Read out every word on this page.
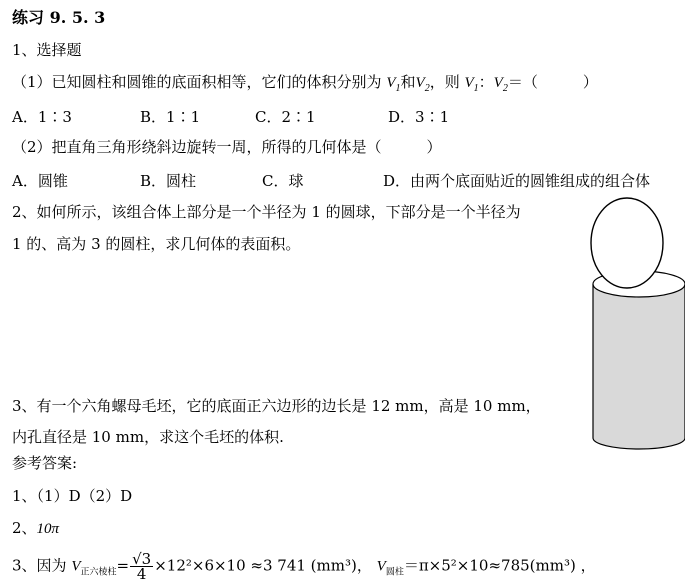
练习 9. 5. 3
1、选择题
（1）已知圆柱和圆锥的底面积相等，它们的体积分别为 $V_1$和$V_2$，则 $V_1$：$V_2=$（　　　）
A．1∶3	B．1∶1	C．2∶1	D．3∶1
（2）把直角三角形绕斜边旋转一周，所得的几何体是（　　　）
A．圆锥	B．圆柱	C．球	D．由两个底面贴近的圆锥组成的组合体
2、如何所示，该组合体上部分是一个半径为 1 的圆球，下部分是一个半径为
1 的、高为 3 的圆柱，求几何体的表面积。
3、有一个六角螺母毛坯，它的底面正六边形的边长是 12 mm，高是 10 mm，
内孔直径是 10 mm，求这个毛坯的体积.
参考答案:
1、（1）D（2）D
2、10π
3、因为 $V_{正六棱柱}= \frac{√3}{4} \times 12^2\times 6\times 10 \approx 3$ 741 (mm³)， $V_{圆柱}=\pi\times 5^2\times 10\approx 785(mm^3)$ ，
